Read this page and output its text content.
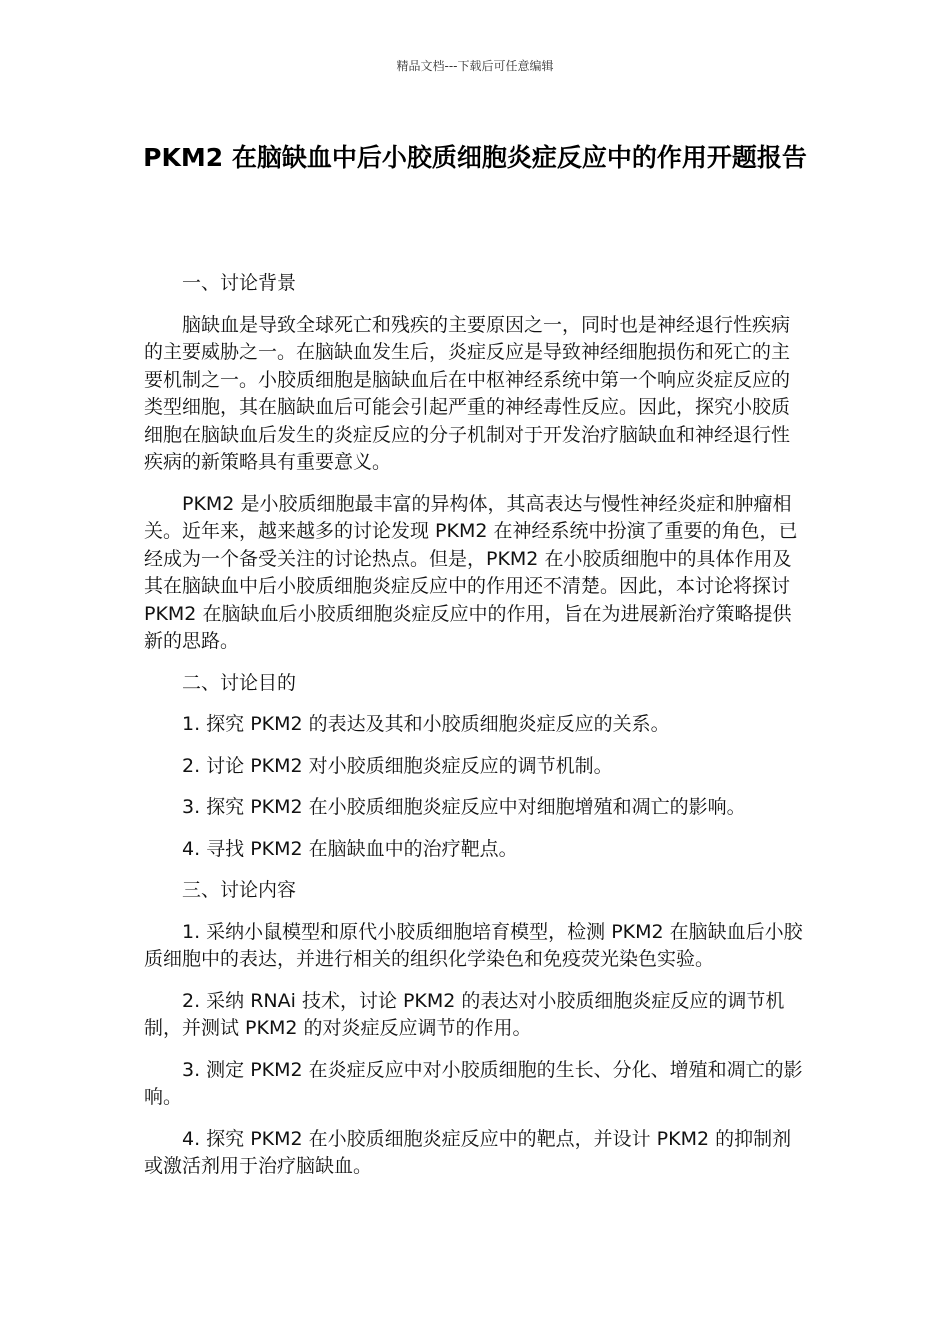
精品文档---下载后可任意编辑
PKM2 在脑缺血中后小胶质细胞炎症反应中的作用开题报告

一、讨论背景

脑缺血是导致全球死亡和残疾的主要原因之一，同时也是神经退行性疾病的主要威胁之一。在脑缺血发生后，炎症反应是导致神经细胞损伤和死亡的主要机制之一。小胶质细胞是脑缺血后在中枢神经系统中第一个响应炎症反应的类型细胞，其在脑缺血后可能会引起严重的神经毒性反应。因此，探究小胶质细胞在脑缺血后发生的炎症反应的分子机制对于开发治疗脑缺血和神经退行性疾病的新策略具有重要意义。

PKM2 是小胶质细胞最丰富的异构体，其高表达与慢性神经炎症和肿瘤相关。近年来，越来越多的讨论发现 PKM2 在神经系统中扮演了重要的角色，已经成为一个备受关注的讨论热点。但是，PKM2 在小胶质细胞中的具体作用及其在脑缺血中后小胶质细胞炎症反应中的作用还不清楚。因此，本讨论将探讨 PKM2 在脑缺血后小胶质细胞炎症反应中的作用，旨在为进展新治疗策略提供新的思路。

二、讨论目的

1. 探究 PKM2 的表达及其和小胶质细胞炎症反应的关系。

2. 讨论 PKM2 对小胶质细胞炎症反应的调节机制。

3. 探究 PKM2 在小胶质细胞炎症反应中对细胞增殖和凋亡的影响。

4. 寻找 PKM2 在脑缺血中的治疗靶点。

三、讨论内容

1. 采纳小鼠模型和原代小胶质细胞培育模型，检测 PKM2 在脑缺血后小胶质细胞中的表达，并进行相关的组织化学染色和免疫荧光染色实验。

2. 采纳 RNAi 技术，讨论 PKM2 的表达对小胶质细胞炎症反应的调节机制，并测试 PKM2 的对炎症反应调节的作用。

3. 测定 PKM2 在炎症反应中对小胶质细胞的生长、分化、增殖和凋亡的影响。

4. 探究 PKM2 在小胶质细胞炎症反应中的靶点，并设计 PKM2 的抑制剂或激活剂用于治疗脑缺血。
